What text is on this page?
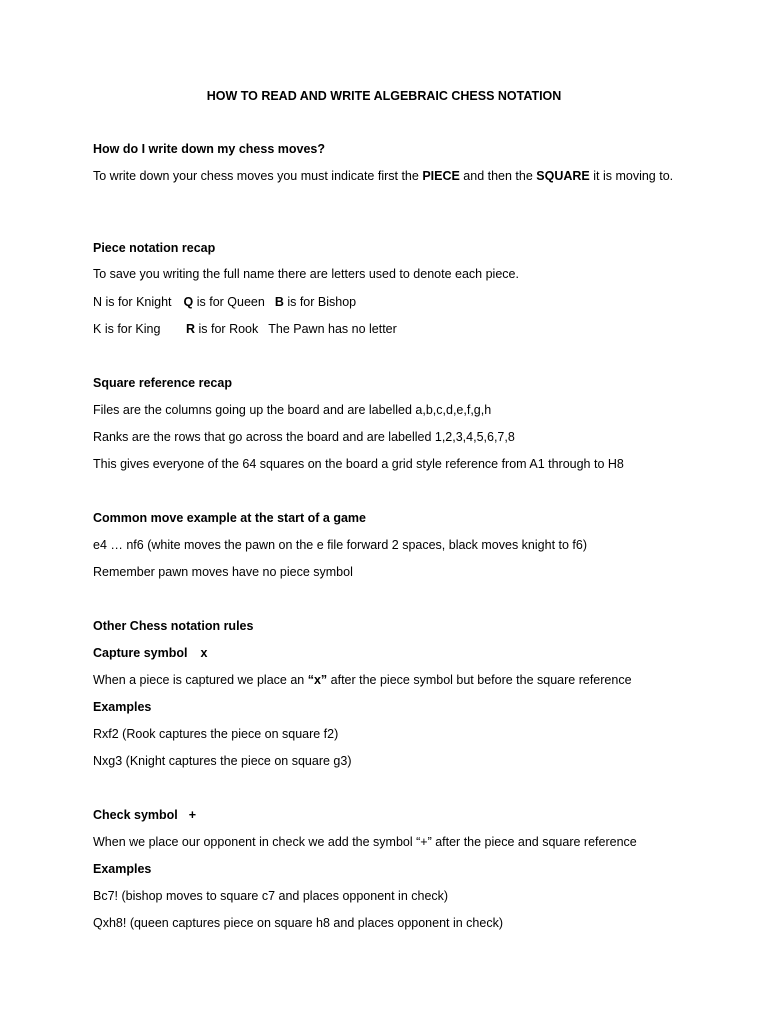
HOW TO READ AND WRITE ALGEBRAIC CHESS NOTATION
How do I write down my chess moves?
To write down your chess moves you must indicate first the PIECE and then the SQUARE it is moving to.
Piece notation recap
To save you writing the full name there are letters used to denote each piece.
N is for Knight Q is for Queen B is for Bishop
K is for King R is for Rook The Pawn has no letter
Square reference recap
Files are the columns going up the board and are labelled a,b,c,d,e,f,g,h
Ranks are the rows that go across the board and are labelled 1,2,3,4,5,6,7,8
This gives everyone of the 64 squares on the board a grid style reference from A1 through to H8
Common move example at the start of a game
e4 … nf6 (white moves the pawn on the e file forward 2 spaces, black moves knight to f6)
Remember pawn moves have no piece symbol
Other Chess notation rules
Capture symbol x
When a piece is captured we place an “x” after the piece symbol but before the square reference
Examples
Rxf2 (Rook captures the piece on square f2)
Nxg3 (Knight captures the piece on square g3)
Check symbol +
When we place our opponent in check we add the symbol “+” after the piece and square reference
Examples
Bc7! (bishop moves to square c7 and places opponent in check)
Qxh8! (queen captures piece on square h8 and places opponent in check)
